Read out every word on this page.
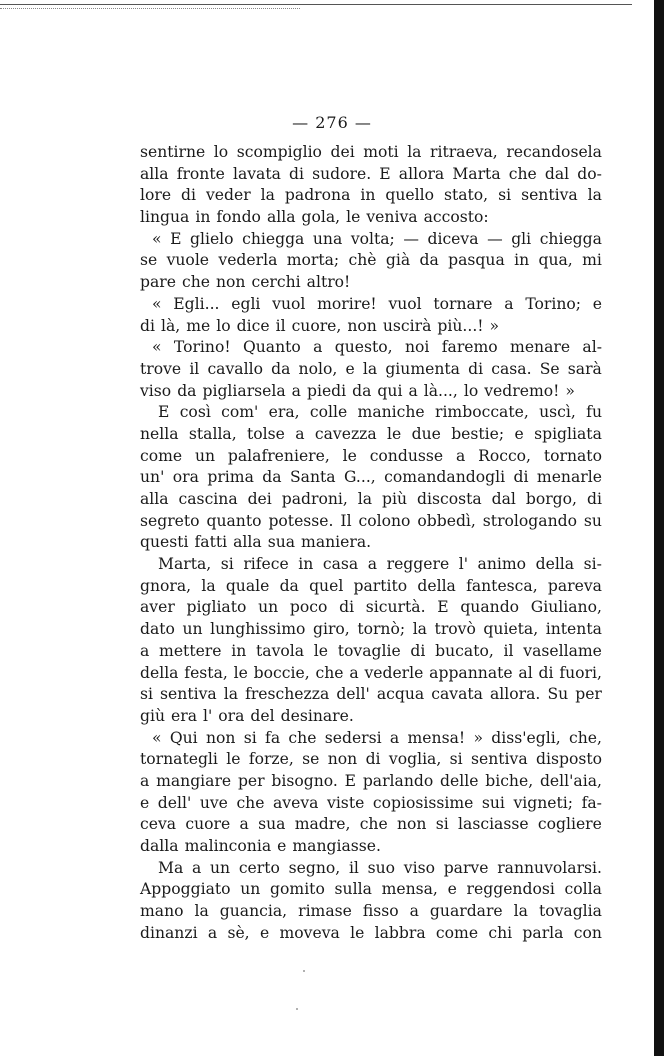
— 276 —
sentirne lo scompiglio dei moti la ritraeva, recandosela
alla fronte lavata di sudore. E allora Marta che dal do-
lore di veder la padrona in quello stato, si sentiva la
lingua in fondo alla gola, le veniva accosto:
« E glielo chiegga una volta; — diceva — gli chiegga
se vuole vederla morta; chè già da pasqua in qua, mi
pare che non cerchi altro!
« Egli... egli vuol morire! vuol tornare a Torino; e
di là, me lo dice il cuore, non uscirà più...! »
« Torino! Quanto a questo, noi faremo menare al-
trove il cavallo da nolo, e la giumenta di casa. Se sarà
viso da pigliarsela a piedi da qui a là..., lo vedremo! »
E così com' era, colle maniche rimboccate, uscì, fu
nella stalla, tolse a cavezza le due bestie; e spigliata
come un palafreniere, le condusse a Rocco, tornato
un' ora prima da Santa G..., comandandogli di menarle
alla cascina dei padroni, la più discosta dal borgo, di
segreto quanto potesse. Il colono obbedì, strologando su
questi fatti alla sua maniera.
Marta, si rifece in casa a reggere l' animo della si-
gnora, la quale da quel partito della fantesca, pareva
aver pigliato un poco di sicurtà. E quando Giuliano,
dato un lunghissimo giro, tornò; la trovò quieta, intenta
a mettere in tavola le tovaglie di bucato, il vasellame
della festa, le boccie, che a vederle appannate al di fuori,
si sentiva la freschezza dell' acqua cavata allora. Su per
giù era l' ora del desinare.
« Qui non si fa che sedersi a mensa! » diss'egli, che,
tornategli le forze, se non di voglia, si sentiva disposto
a mangiare per bisogno. E parlando delle biche, dell'aia,
e dell' uve che aveva viste copiosissime sui vigneti; fa-
ceva cuore a sua madre, che non si lasciasse cogliere
dalla malinconia e mangiasse.
Ma a un certo segno, il suo viso parve rannuvolarsi.
Appoggiato un gomito sulla mensa, e reggendosi colla
mano la guancia, rimase fisso a guardare la tovaglia
dinanzi a sè, e moveva le labbra come chi parla con
